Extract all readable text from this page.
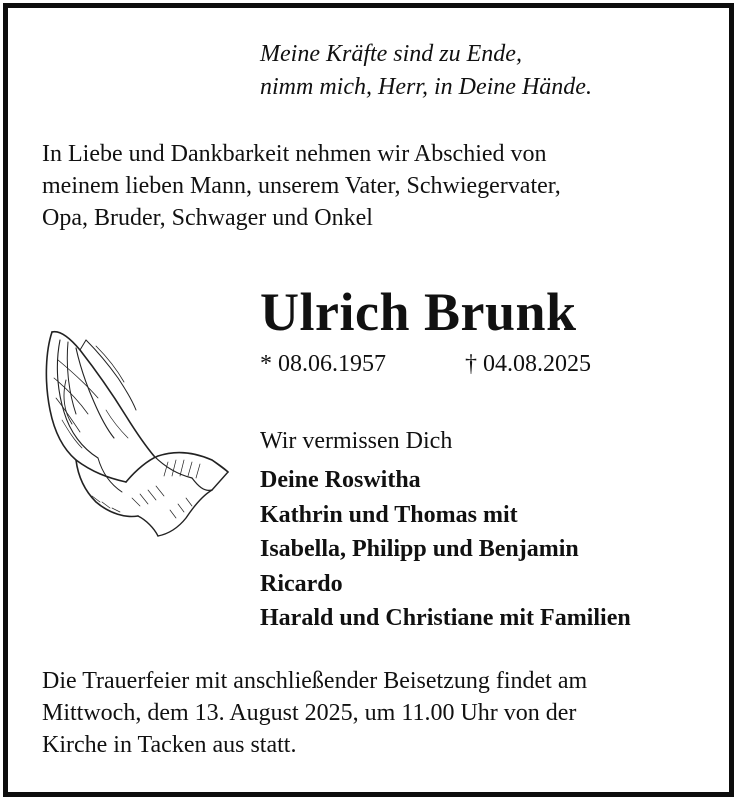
Meine Kräfte sind zu Ende,
nimm mich, Herr, in Deine Hände.
In Liebe und Dankbarkeit nehmen wir Abschied von
meinem lieben Mann, unserem Vater, Schwiegervater,
Opa, Bruder, Schwager und Onkel
Ulrich Brunk
* 08.06.1957	† 04.08.2025
Wir vermissen Dich
Deine Roswitha
Kathrin und Thomas mit
Isabella, Philipp und Benjamin
Ricardo
Harald und Christiane mit Familien
Die Trauerfeier mit anschließender Beisetzung findet am
Mittwoch, dem 13. August 2025, um 11.00 Uhr von der
Kirche in Tacken aus statt.
